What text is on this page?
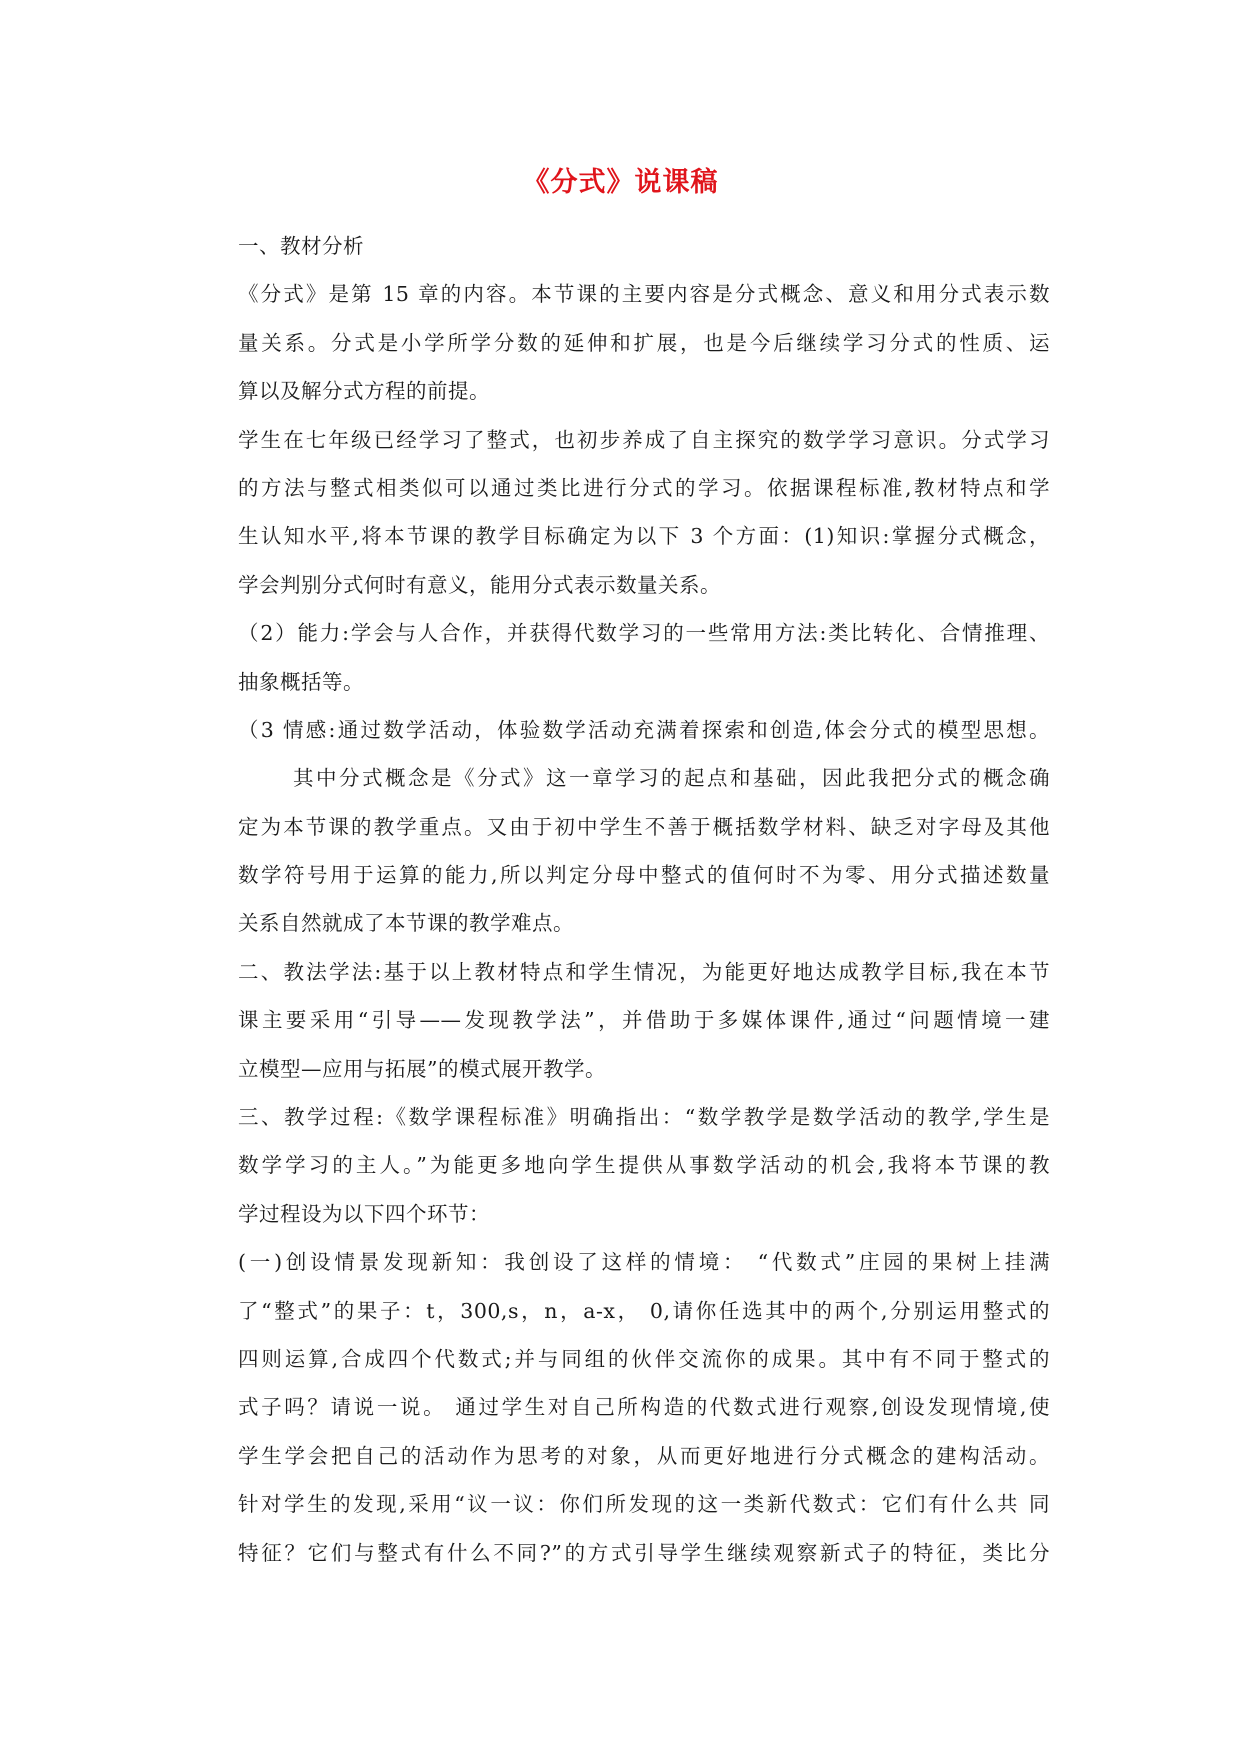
《分式》说课稿
一、教材分析
《分式》是第 15 章的内容。本节课的主要内容是分式概念、意义和用分式表示数
量关系。分式是小学所学分数的延伸和扩展，也是今后继续学习分式的性质、运
算以及解分式方程的前提。
学生在七年级已经学习了整式，也初步养成了自主探究的数学学习意识。分式学习
的方法与整式相类似可以通过类比进行分式的学习。依据课程标准,教材特点和学
生认知水平,将本节课的教学目标确定为以下 3 个方面：(1)知识:掌握分式概念，
学会判别分式何时有意义，能用分式表示数量关系。
（2）能力:学会与人合作，并获得代数学习的一些常用方法:类比转化、合情推理、
抽象概括等。
（3 情感:通过数学活动，体验数学活动充满着探索和创造,体会分式的模型思想。
其中分式概念是《分式》这一章学习的起点和基础，因此我把分式的概念确
定为本节课的教学重点。又由于初中学生不善于概括数学材料、缺乏对字母及其他
数学符号用于运算的能力,所以判定分母中整式的值何时不为零、用分式描述数量
关系自然就成了本节课的教学难点。
二、教法学法:基于以上教材特点和学生情况，为能更好地达成教学目标,我在本节
课主要采用“引导——发现教学法”，并借助于多媒体课件,通过“问题情境一建
立模型—应用与拓展”的模式展开教学。
三、教学过程:《数学课程标准》明确指出：“数学教学是数学活动的教学,学生是
数学学习的主人。”为能更多地向学生提供从事数学活动的机会,我将本节课的教
学过程设为以下四个环节：
(一)创设情景发现新知：我创设了这样的情境： “代数式”庄园的果树上挂满
了“整式”的果子：t，300,s，n，a-x， 0,请你任选其中的两个,分别运用整式的
四则运算,合成四个代数式;并与同组的伙伴交流你的成果。其中有不同于整式的
式子吗？请说一说。 通过学生对自己所构造的代数式进行观察,创设发现情境,使
学生学会把自己的活动作为思考的对象，从而更好地进行分式概念的建构活动。
针对学生的发现,采用“议一议：你们所发现的这一类新代数式：它们有什么共 同
特征？它们与整式有什么不同?”的方式引导学生继续观察新式子的特征，类比分
